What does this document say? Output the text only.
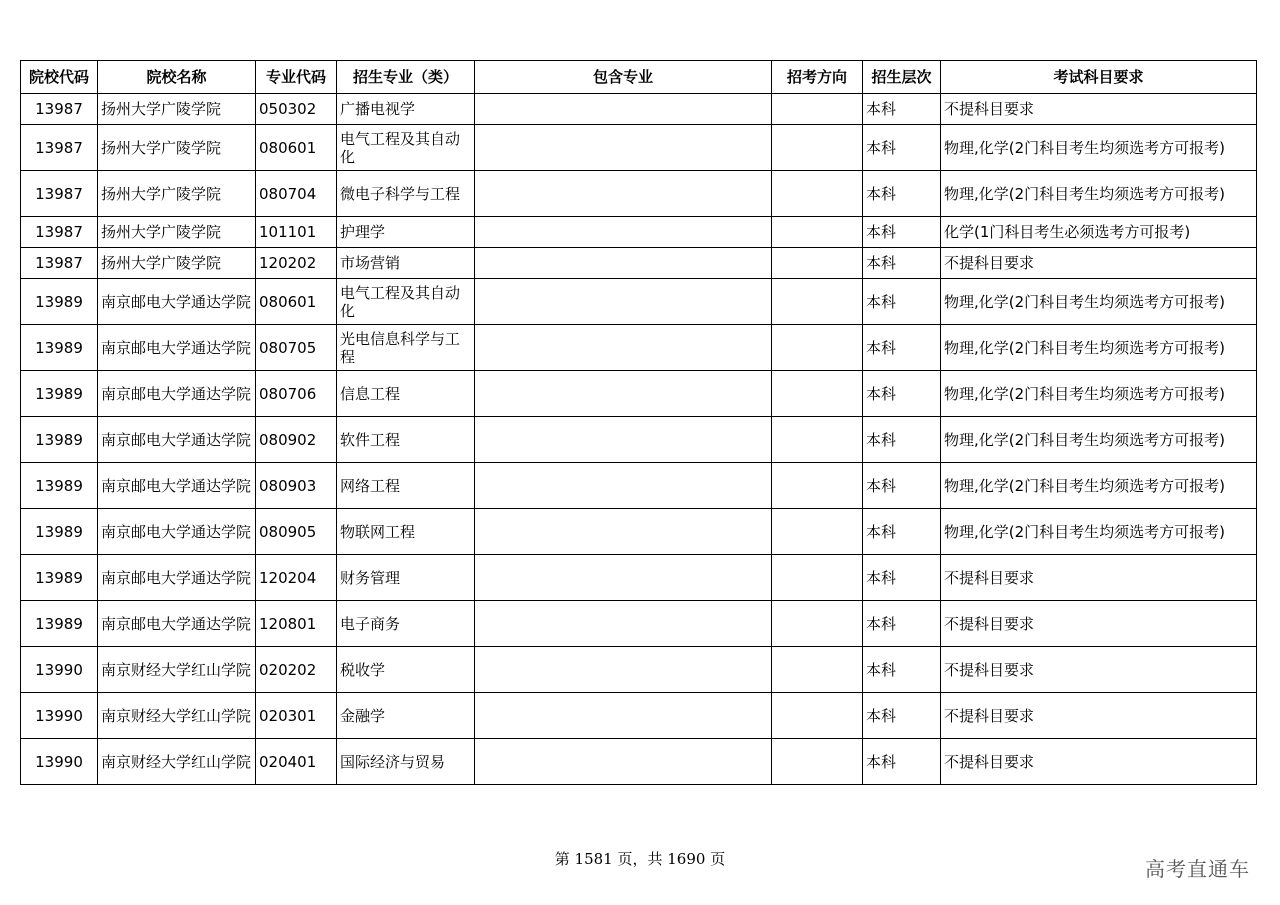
院校代码	院校名称	专业代码	招生专业（类）	包含专业	招考方向	招生层次	考试科目要求
13987	扬州大学广陵学院	050302	广播电视学			本科	不提科目要求
13987	扬州大学广陵学院	080601	电气工程及其自动化			本科	物理,化学(2门科目考生均须选考方可报考)
13987	扬州大学广陵学院	080704	微电子科学与工程			本科	物理,化学(2门科目考生均须选考方可报考)
13987	扬州大学广陵学院	101101	护理学			本科	化学(1门科目考生必须选考方可报考)
13987	扬州大学广陵学院	120202	市场营销			本科	不提科目要求
13989	南京邮电大学通达学院	080601	电气工程及其自动化			本科	物理,化学(2门科目考生均须选考方可报考)
13989	南京邮电大学通达学院	080705	光电信息科学与工程			本科	物理,化学(2门科目考生均须选考方可报考)
13989	南京邮电大学通达学院	080706	信息工程			本科	物理,化学(2门科目考生均须选考方可报考)
13989	南京邮电大学通达学院	080902	软件工程			本科	物理,化学(2门科目考生均须选考方可报考)
13989	南京邮电大学通达学院	080903	网络工程			本科	物理,化学(2门科目考生均须选考方可报考)
13989	南京邮电大学通达学院	080905	物联网工程			本科	物理,化学(2门科目考生均须选考方可报考)
13989	南京邮电大学通达学院	120204	财务管理			本科	不提科目要求
13989	南京邮电大学通达学院	120801	电子商务			本科	不提科目要求
13990	南京财经大学红山学院	020202	税收学			本科	不提科目要求
13990	南京财经大学红山学院	020301	金融学			本科	不提科目要求
13990	南京财经大学红山学院	020401	国际经济与贸易			本科	不提科目要求
第 1581 页，共 1690 页	高考直通车
